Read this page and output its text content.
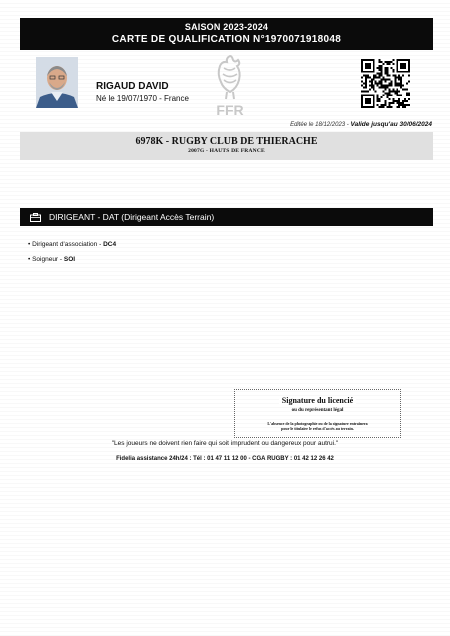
SAISON 2023-2024
CARTE DE QUALIFICATION N°1970071918048
RIGAUD DAVID
Né le 19/07/1970 - France
FFR
Editée le 18/12/2023 - Valide jusqu'au 30/06/2024
6978K - RUGBY CLUB DE THIERACHE
2007G - HAUTS DE FRANCE
DIRIGEANT - DAT (Dirigeant Accès Terrain)
• Dirigeant d'association - DC4
• Soigneur - SOI
Signature du licencié
ou du représentant légal
L'absence de la photographie ou de la signature entraînera
pour le titulaire le refus d'accès au terrain.
"Les joueurs ne doivent rien faire qui soit imprudent ou dangereux pour autrui."
Fidelia assistance 24h/24 : Tél : 01 47 11 12 00 - CGA RUGBY : 01 42 12 26 42
